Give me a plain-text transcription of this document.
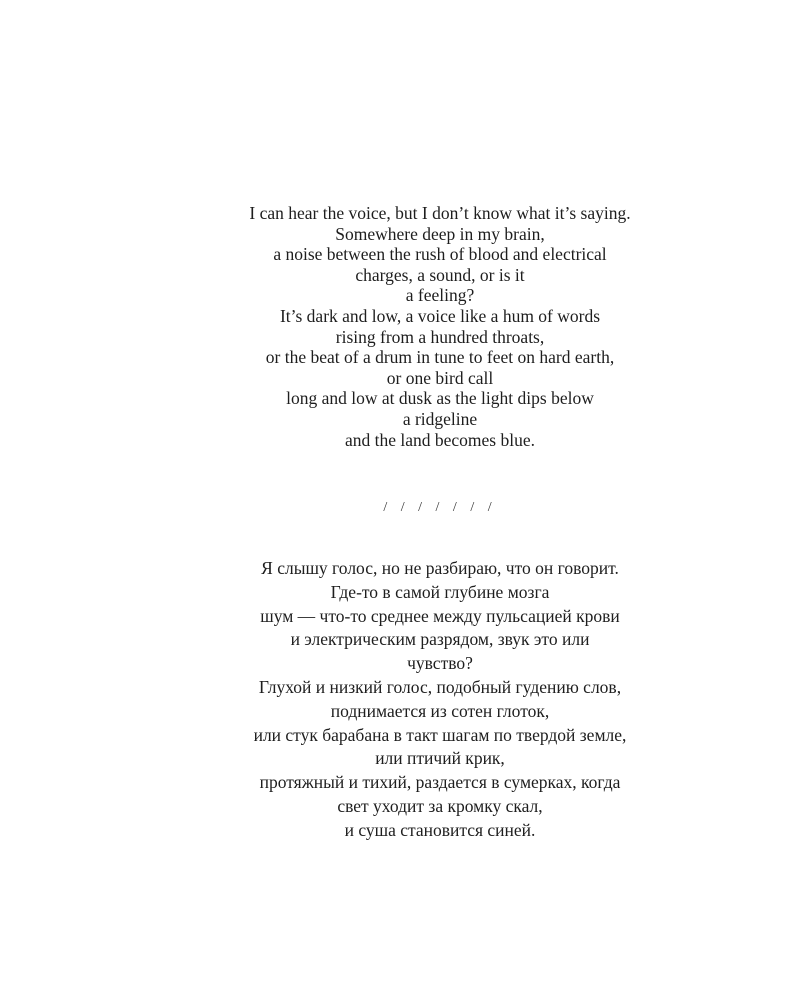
I can hear the voice, but I don’t know what it’s saying.
Somewhere deep in my brain,
a noise between the rush of blood and electrical
charges, a sound, or is it
a feeling?
It’s dark and low, a voice like a hum of words
rising from a hundred throats,
or the beat of a drum in tune to feet on hard earth,
or one bird call
long and low at dusk as the light dips below
a ridgeline
and the land becomes blue.
/ / / / / / /
Я слышу голос, но не разбираю, что он говорит.
Где-то в самой глубине мозга
шум — что-то среднее между пульсацией крови
и электрическим разрядом, звук это или
чувство?
Глухой и низкий голос, подобный гудению слов,
поднимается из сотен глоток,
или стук барабана в такт шагам по твердой земле,
или птичий крик,
протяжный и тихий, раздается в сумерках, когда
свет уходит за кромку скал,
и суша становится синей.
